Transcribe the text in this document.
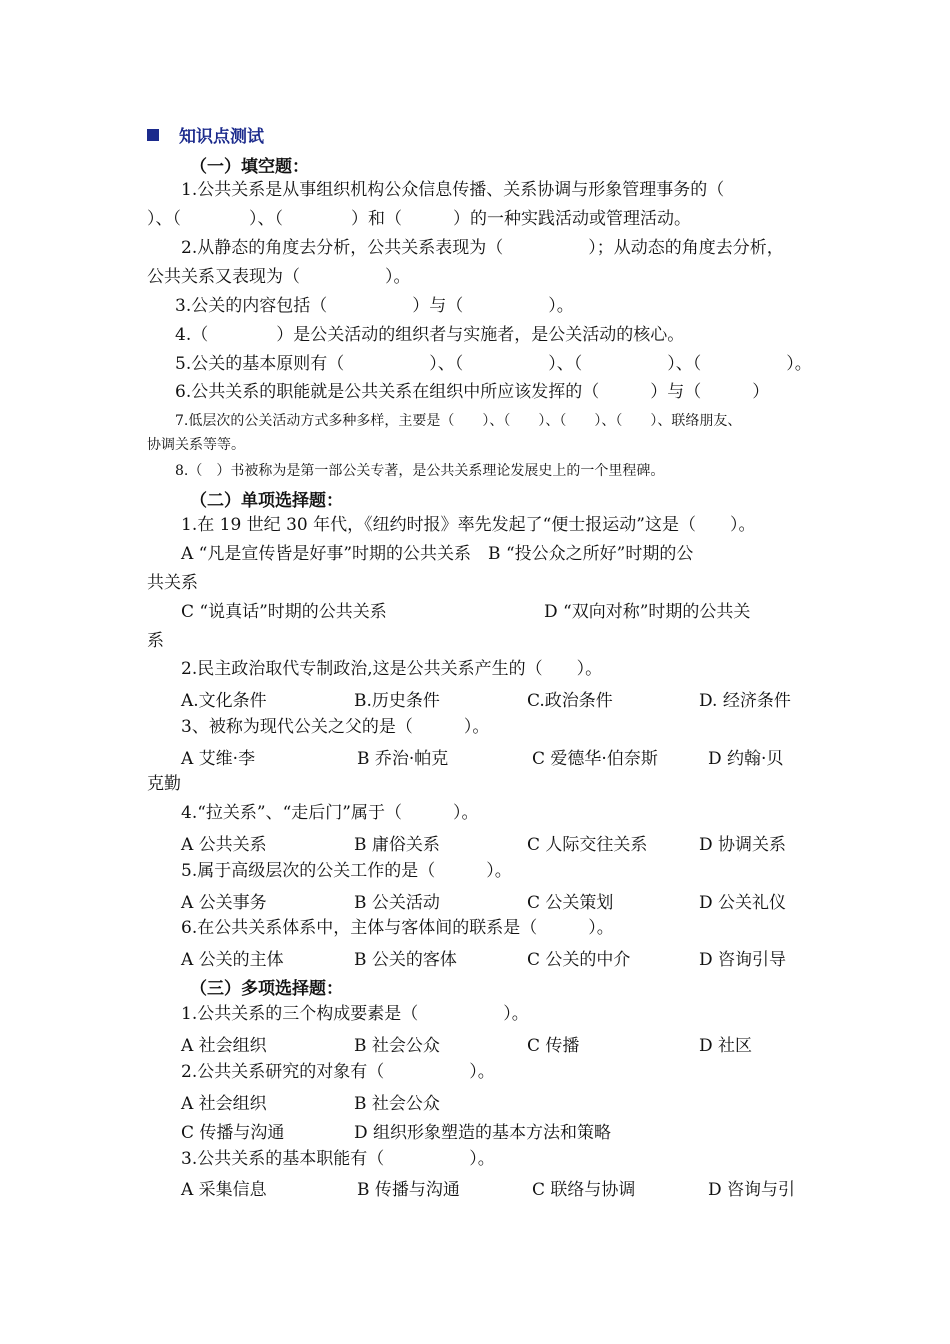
知识点测试
（一）填空题：
1.公共关系是从事组织机构公众信息传播、关系协调与形象管理事务的（
）、（　　　　）、（　　　　）和（　　　）的一种实践活动或管理活动。
2.从静态的角度去分析，公共关系表现为（　　　　　）；从动态的角度去分析，
公共关系又表现为（　　　　　）。
3.公关的内容包括（　　　　　）与（　　　　　）。
4.（　　　　）是公关活动的组织者与实施者，是公关活动的核心。
5.公关的基本原则有（　　　　　）、（　　　　　）、（　　　　　）、（　　　　　）。
6.公共关系的职能就是公共关系在组织中所应该发挥的（　　　）与（　　　）
7.低层次的公关活动方式多种多样，主要是（　　）、（　　）、（　　）、（　　）、联络朋友、
协调关系等等。
8.（　）书被称为是第一部公关专著，是公共关系理论发展史上的一个里程碑。
（二）单项选择题：
1.在 19 世纪 30 年代，《纽约时报》率先发起了“便士报运动”这是（　　）。
A “凡是宣传皆是好事”时期的公共关系　B “投公众之所好”时期的公
共关系
C “说真话”时期的公共关系	D “双向对称”时期的公共关
系
2.民主政治取代专制政治,这是公共关系产生的（　　）。
A.文化条件	B.历史条件	C.政治条件	D. 经济条件
3、被称为现代公关之父的是（　　　）。
A 艾维·李	B 乔治·帕克	C 爱德华·伯奈斯	D 约翰·贝
克勤
4.“拉关系”、“走后门”属于（　　　）。
A 公共关系	B 庸俗关系	C 人际交往关系	D 协调关系
5.属于高级层次的公关工作的是（　　　）。
A 公关事务	B 公关活动	C 公关策划	D 公关礼仪
6.在公共关系体系中，主体与客体间的联系是（　　　）。
A 公关的主体	B 公关的客体	C 公关的中介	D 咨询引导
（三）多项选择题：
1.公共关系的三个构成要素是（　　　　　）。
A 社会组织	B 社会公众	C 传播	D 社区
2.公共关系研究的对象有（　　　　　）。
A 社会组织	B 社会公众
C 传播与沟通	D 组织形象塑造的基本方法和策略
3.公共关系的基本职能有（　　　　　）。
A 采集信息	B 传播与沟通	C 联络与协调	D 咨询与引
